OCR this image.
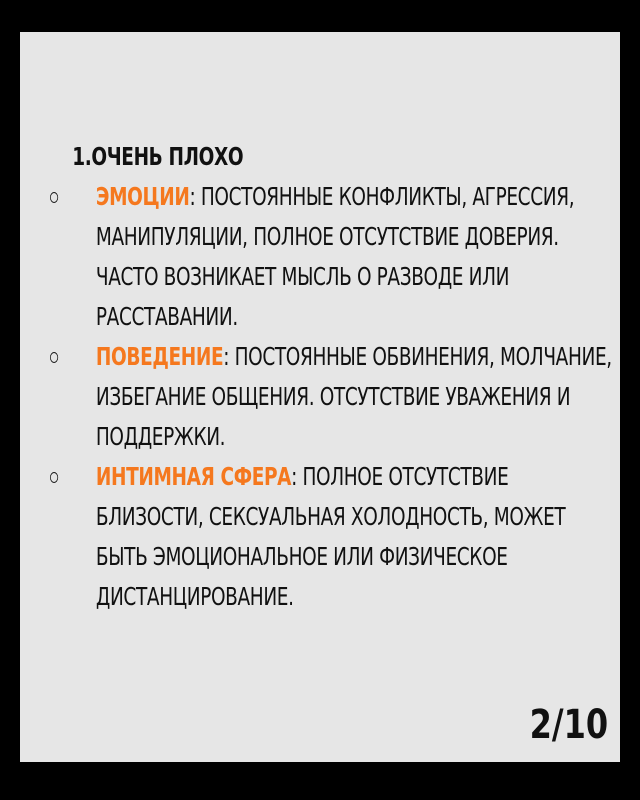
1.ОЧЕНЬ ПЛОХО
ЭМОЦИИ: ПОСТОЯННЫЕ КОНФЛИКТЫ, АГРЕССИЯ, МАНИПУЛЯЦИИ, ПОЛНОЕ ОТСУТСТВИЕ ДОВЕРИЯ. ЧАСТО ВОЗНИКАЕТ МЫСЛЬ О РАЗВОДЕ ИЛИ РАССТАВАНИИ.
ПОВЕДЕНИЕ: ПОСТОЯННЫЕ ОБВИНЕНИЯ, МОЛЧАНИЕ, ИЗБЕГАНИЕ ОБЩЕНИЯ. ОТСУТСТВИЕ УВАЖЕНИЯ И ПОДДЕРЖКИ.
ИНТИМНАЯ СФЕРА: ПОЛНОЕ ОТСУТСТВИЕ БЛИЗОСТИ, СЕКСУАЛЬНАЯ ХОЛОДНОСТЬ, МОЖЕТ БЫТЬ ЭМОЦИОНАЛЬНОЕ ИЛИ ФИЗИЧЕСКОЕ ДИСТАНЦИРОВАНИЕ.
2/10
